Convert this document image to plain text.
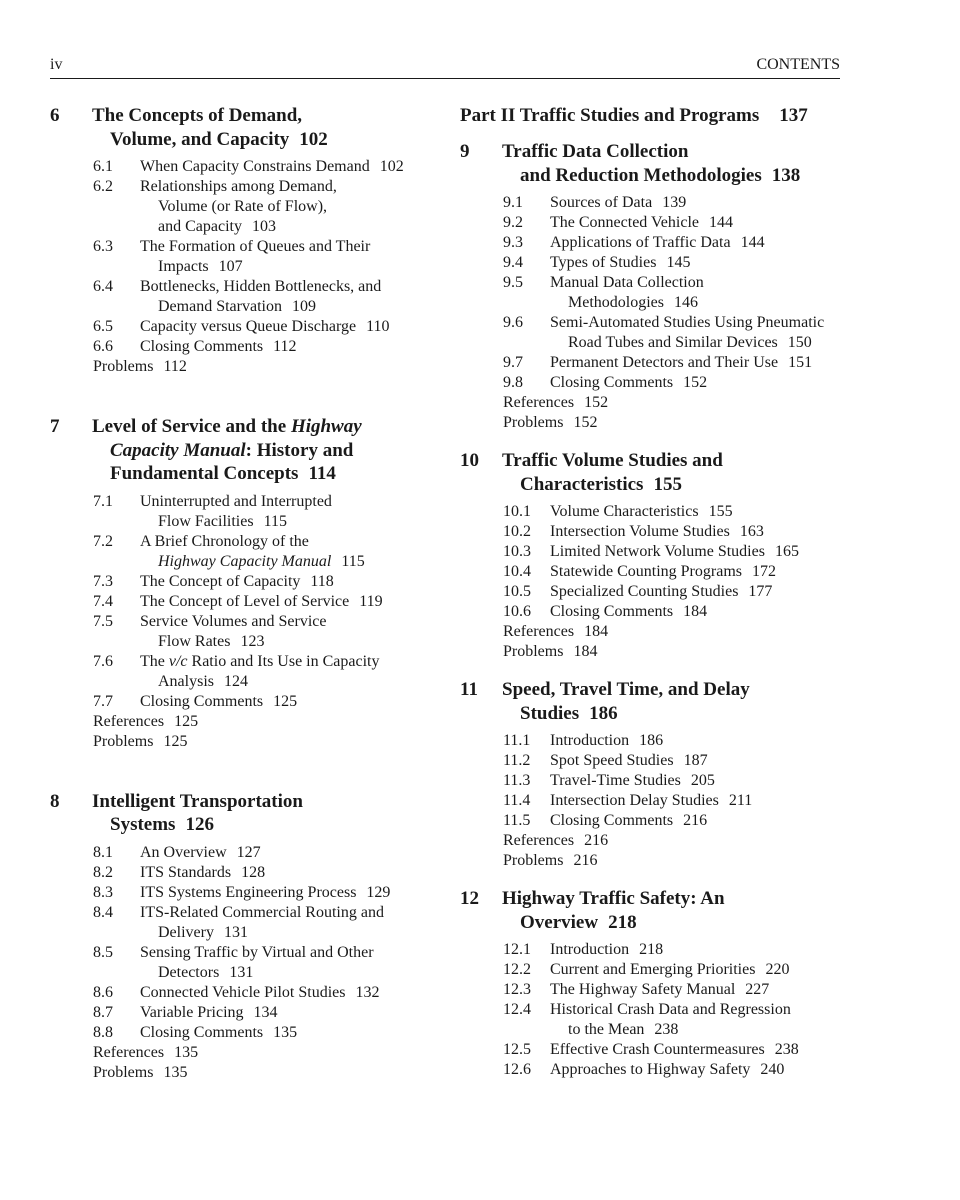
iv	CONTENTS
6	The Concepts of Demand,
Volume, and Capacity 102
6.1 When Capacity Constrains Demand 102
6.2 Relationships among Demand,
Volume (or Rate of Flow),
and Capacity 103
6.3 The Formation of Queues and Their
Impacts 107
6.4 Bottlenecks, Hidden Bottlenecks, and
Demand Starvation 109
6.5 Capacity versus Queue Discharge 110
6.6 Closing Comments 112
Problems 112
7	Level of Service and the Highway
Capacity Manual: History and
Fundamental Concepts 114
7.1 Uninterrupted and Interrupted
Flow Facilities 115
7.2 A Brief Chronology of the
Highway Capacity Manual 115
7.3 The Concept of Capacity 118
7.4 The Concept of Level of Service 119
7.5 Service Volumes and Service
Flow Rates 123
7.6 The v/c Ratio and Its Use in Capacity
Analysis 124
7.7 Closing Comments 125
References 125
Problems 125
8	Intelligent Transportation
Systems 126
8.1 An Overview 127
8.2 ITS Standards 128
8.3 ITS Systems Engineering Process 129
8.4 ITS-Related Commercial Routing and
Delivery 131
8.5 Sensing Traffic by Virtual and Other
Detectors 131
8.6 Connected Vehicle Pilot Studies 132
8.7 Variable Pricing 134
8.8 Closing Comments 135
References 135
Problems 135
Part II Traffic Studies and Programs 137
9	Traffic Data Collection
and Reduction Methodologies 138
9.1 Sources of Data 139
9.2 The Connected Vehicle 144
9.3 Applications of Traffic Data 144
9.4 Types of Studies 145
9.5 Manual Data Collection
Methodologies 146
9.6 Semi-Automated Studies Using Pneumatic
Road Tubes and Similar Devices 150
9.7 Permanent Detectors and Their Use 151
9.8 Closing Comments 152
References 152
Problems 152
10	Traffic Volume Studies and
Characteristics 155
10.1 Volume Characteristics 155
10.2 Intersection Volume Studies 163
10.3 Limited Network Volume Studies 165
10.4 Statewide Counting Programs 172
10.5 Specialized Counting Studies 177
10.6 Closing Comments 184
References 184
Problems 184
11	Speed, Travel Time, and Delay
Studies 186
11.1 Introduction 186
11.2 Spot Speed Studies 187
11.3 Travel-Time Studies 205
11.4 Intersection Delay Studies 211
11.5 Closing Comments 216
References 216
Problems 216
12	Highway Traffic Safety: An
Overview 218
12.1 Introduction 218
12.2 Current and Emerging Priorities 220
12.3 The Highway Safety Manual 227
12.4 Historical Crash Data and Regression
to the Mean 238
12.5 Effective Crash Countermeasures 238
12.6 Approaches to Highway Safety 240
